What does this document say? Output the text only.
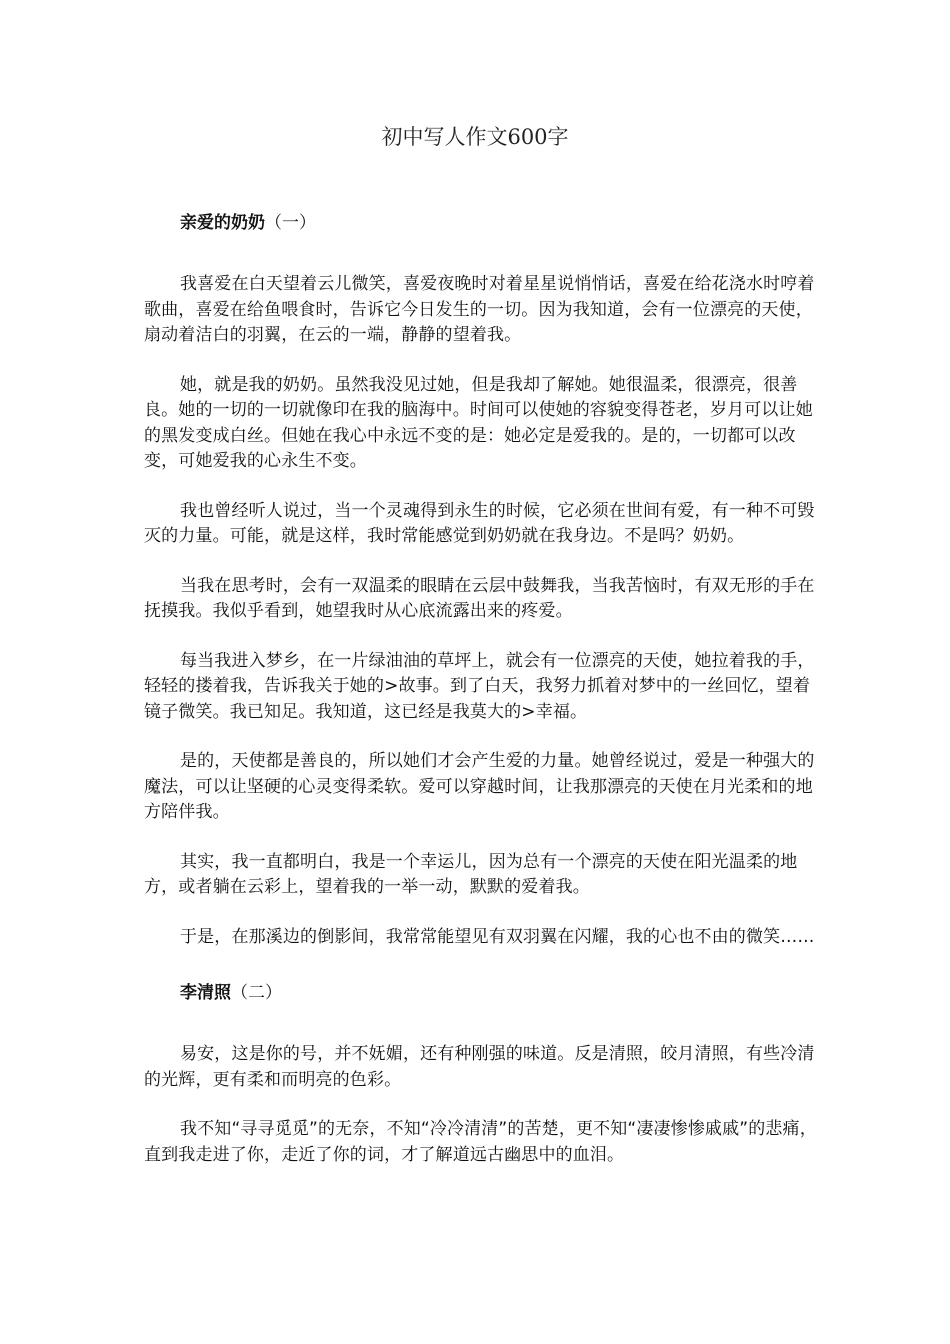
初中写人作文600字
亲爱的奶奶（一）

我喜爱在白天望着云儿微笑，喜爱夜晚时对着星星说悄悄话，喜爱在给花浇水时哼着歌曲，喜爱在给鱼喂食时，告诉它今日发生的一切。因为我知道，会有一位漂亮的天使，扇动着洁白的羽翼，在云的一端，静静的望着我。

她，就是我的奶奶。虽然我没见过她，但是我却了解她。她很温柔，很漂亮，很善良。她的一切的一切就像印在我的脑海中。时间可以使她的容貌变得苍老，岁月可以让她的黑发变成白丝。但她在我心中永远不变的是：她必定是爱我的。是的，一切都可以改变，可她爱我的心永生不变。

我也曾经听人说过，当一个灵魂得到永生的时候，它必须在世间有爱，有一种不可毁灭的力量。可能，就是这样，我时常能感觉到奶奶就在我身边。不是吗？奶奶。

当我在思考时，会有一双温柔的眼睛在云层中鼓舞我，当我苦恼时，有双无形的手在抚摸我。我似乎看到，她望我时从心底流露出来的疼爱。

每当我进入梦乡，在一片绿油油的草坪上，就会有一位漂亮的天使，她拉着我的手，轻轻的搂着我，告诉我关于她的>故事。到了白天，我努力抓着对梦中的一丝回忆，望着镜子微笑。我已知足。我知道，这已经是我莫大的>幸福。

是的，天使都是善良的，所以她们才会产生爱的力量。她曾经说过，爱是一种强大的魔法，可以让坚硬的心灵变得柔软。爱可以穿越时间，让我那漂亮的天使在月光柔和的地方陪伴我。

其实，我一直都明白，我是一个幸运儿，因为总有一个漂亮的天使在阳光温柔的地方，或者躺在云彩上，望着我的一举一动，默默的爱着我。

于是，在那溪边的倒影间，我常常能望见有双羽翼在闪耀，我的心也不由的微笑……

李清照（二）

易安，这是你的号，并不妩媚，还有种刚强的味道。反是清照，皎月清照，有些冷清的光辉，更有柔和而明亮的色彩。

我不知“寻寻觅觅”的无奈，不知“冷冷清清”的苦楚，更不知“凄凄惨惨戚戚”的悲痛，直到我走进了你，走近了你的词，才了解道远古幽思中的血泪。
